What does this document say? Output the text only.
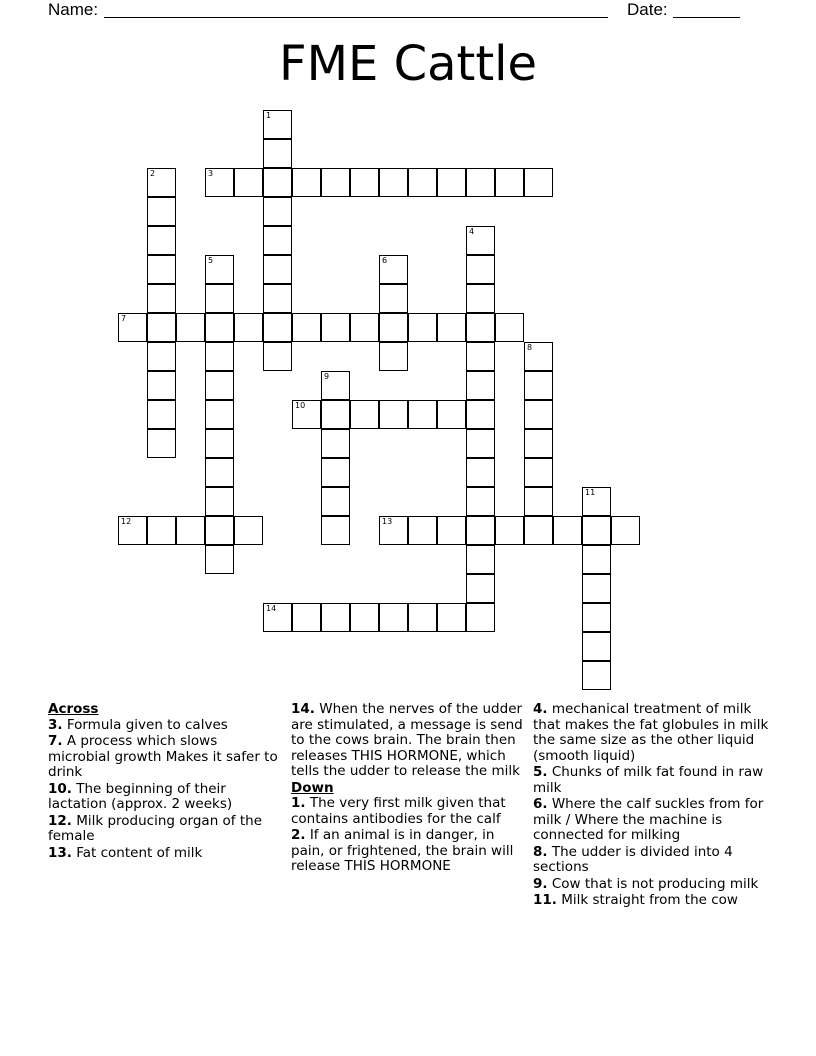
Name:	Date:
FME Cattle
1
2	3
4
5	6
7
8
9
10
11
12	13
14
Across
3. Formula given to calves
7. A process which slows microbial growth Makes it safer to drink
10. The beginning of their lactation (approx. 2 weeks)
12. Milk producing organ of the female
13. Fat content of milk
14. When the nerves of the udder are stimulated, a message is send to the cows brain. The brain then releases THIS HORMONE, which tells the udder to release the milk
Down
1. The very first milk given that contains antibodies for the calf
2. If an animal is in danger, in pain, or frightened, the brain will release THIS HORMONE
4. mechanical treatment of milk that makes the fat globules in milk the same size as the other liquid (smooth liquid)
5. Chunks of milk fat found in raw milk
6. Where the calf suckles from for milk / Where the machine is connected for milking
8. The udder is divided into 4 sections
9. Cow that is not producing milk
11. Milk straight from the cow
